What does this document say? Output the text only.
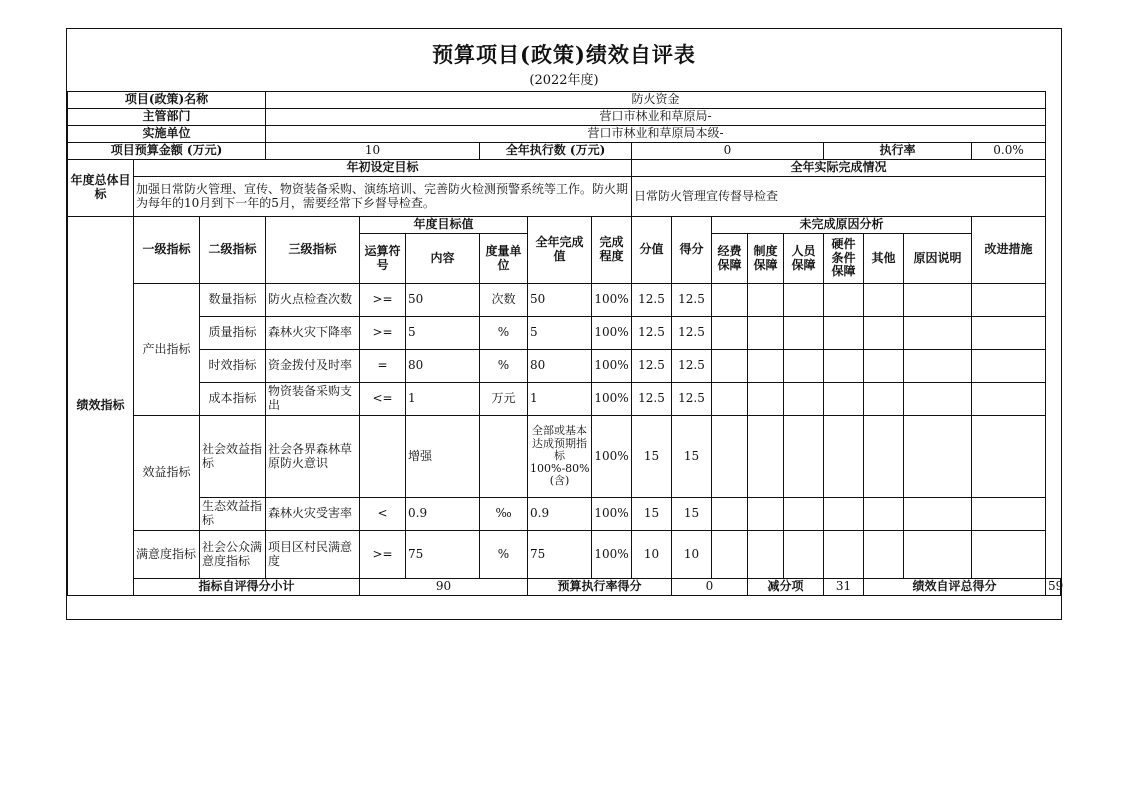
预算项目(政策)绩效自评表
(2022年度)
项目(政策)名称			防火资金															
主管部门			营口市林业和草原局-															
实施单位			营口市林业和草原局本级-															
项目预算金额 (万元)			10			全年执行数 (万元)			0					执行率			0.0%	
年度总体目标	年初设定目标								全年实际完成情况									
	加强日常防火管理、宣传、物资装备采购、演练培训、完善防火检测预警系统等工作。防火期为每年的10月到下一年的5月，需要经常下乡督导检查。								日常防火管理宣传督导检查									
绩效指标	一级指标	二级指标	三级指标	年度目标值			全年完成值	完成程度	分值	得分	未完成原因分析						改进措施	
				运算符号	内容	度量单位					经费保障	制度保障	人员保障	硬件条件保障	其他	原因说明		
	产出指标	数量指标	防火点检查次数	>=	50	次数	50	100%	12.5	12.5								
		质量指标	森林火灾下降率	>=	5	%	5	100%	12.5	12.5								
		时效指标	资金拨付及时率	=	80	%	80	100%	12.5	12.5								
		成本指标	物资装备采购支出	<=	1	万元	1	100%	12.5	12.5								
	效益指标	社会效益指标	社会各界森林草原防火意识		增强		全部或基本达成预期指标100%-80%(含)	100%	15	15								
		生态效益指标	森林火灾受害率	<	0.9	‰	0.9	100%	15	15								
	满意度指标	社会公众满意度指标	项目区村民满意度	>=	75	%	75	100%	10	10								
	指标自评得分小计			90			预算执行率得分			0		减分项		31	绩效自评总得分			59
